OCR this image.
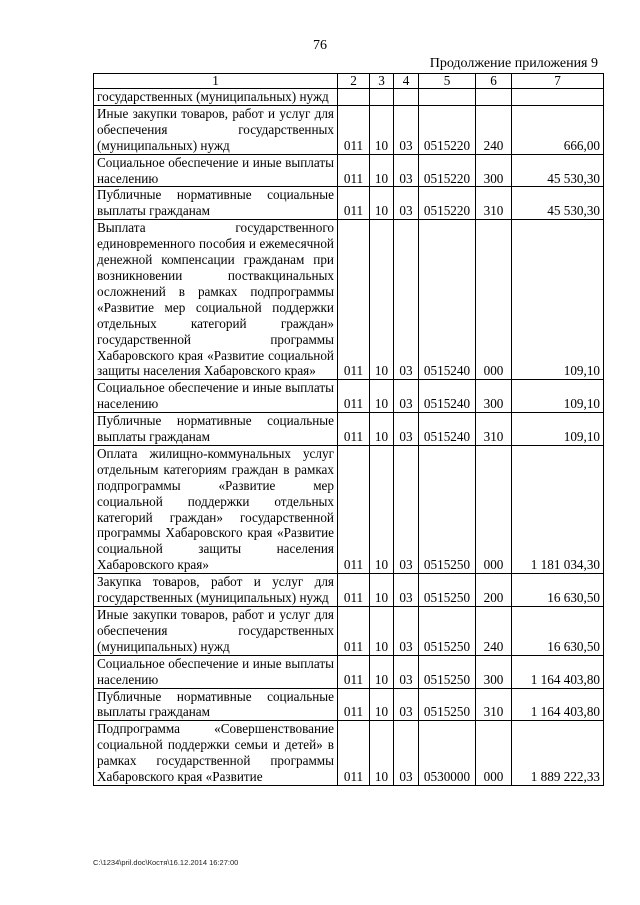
76
Продолжение приложения 9
1	2	3	4	5	6	7
государственных (муниципальных) нужд						
Иные закупки товаров, работ и услуг для обеспечения государственных (муниципальных) нужд	011	10	03	0515220	240	666,00
Социальное обеспечение и иные выплаты населению	011	10	03	0515220	300	45 530,30
Публичные нормативные социальные выплаты гражданам	011	10	03	0515220	310	45 530,30
Выплата государственного единовременного пособия и ежемесячной денежной компенсации гражданам при возникновении поствакцинальных осложнений в рамках подпрограммы «Развитие мер социальной поддержки отдельных категорий граждан» государственной программы Хабаровского края «Развитие социальной защиты населения Хабаровского края»	011	10	03	0515240	000	109,10
Социальное обеспечение и иные выплаты населению	011	10	03	0515240	300	109,10
Публичные нормативные социальные выплаты гражданам	011	10	03	0515240	310	109,10
Оплата жилищно-коммунальных услуг отдельным категориям граждан в рамках подпрограммы «Развитие мер социальной поддержки отдельных категорий граждан» государственной программы Хабаровского края «Развитие социальной защиты населения Хабаровского края»	011	10	03	0515250	000	1 181 034,30
Закупка товаров, работ и услуг для государственных (муниципальных) нужд	011	10	03	0515250	200	16 630,50
Иные закупки товаров, работ и услуг для обеспечения государственных (муниципальных) нужд	011	10	03	0515250	240	16 630,50
Социальное обеспечение и иные выплаты населению	011	10	03	0515250	300	1 164 403,80
Публичные нормативные социальные выплаты гражданам	011	10	03	0515250	310	1 164 403,80
Подпрограмма «Совершенствование социальной поддержки семьи и детей» в рамках государственной программы Хабаровского края «Развитие	011	10	03	0530000	000	1 889 222,33
C:\1234\pril.doc\Костя\16.12.2014 16:27:00
